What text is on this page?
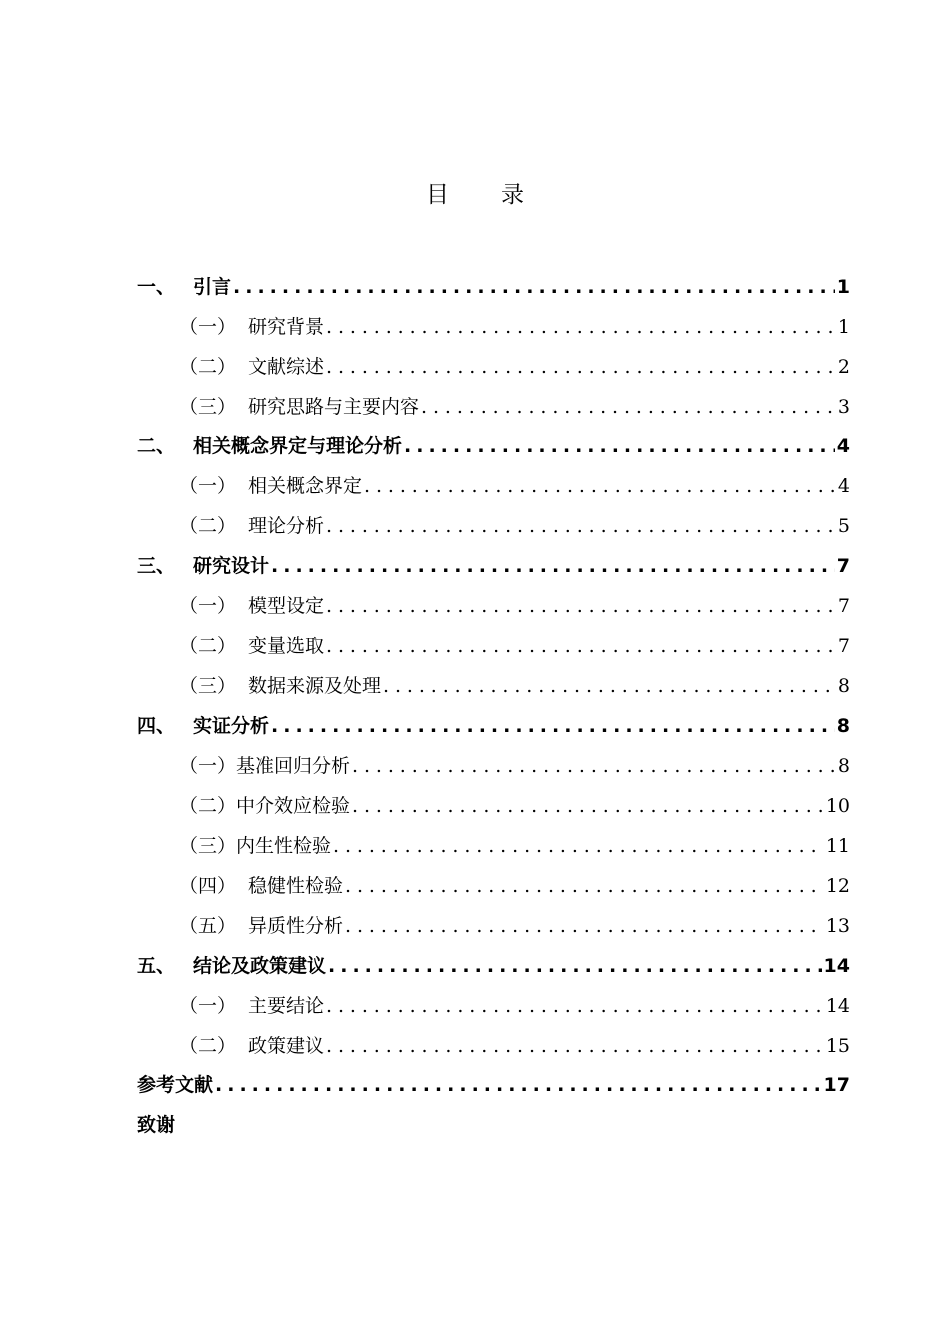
目 录
一、 引言 .....	1
（一） 研究背景 .....	1
（二） 文献综述 .....	2
（三） 研究思路与主要内容 .....	3
二、 相关概念界定与理论分析 .....	4
（一） 相关概念界定 .....	4
（二） 理论分析 .....	5
三、 研究设计 .....	7
（一） 模型设定 .....	7
（二） 变量选取 .....	7
（三） 数据来源及处理 .....	8
四、 实证分析 .....	8
（一） 基准回归分析 .....	8
（二） 中介效应检验 .....	10
（三） 内生性检验 .....	11
（四） 稳健性检验 .....	12
（五） 异质性分析 .....	13
五、 结论及政策建议 .....	14
（一） 主要结论 .....	14
（二） 政策建议 .....	15
参考文献 .....	17
致谢
